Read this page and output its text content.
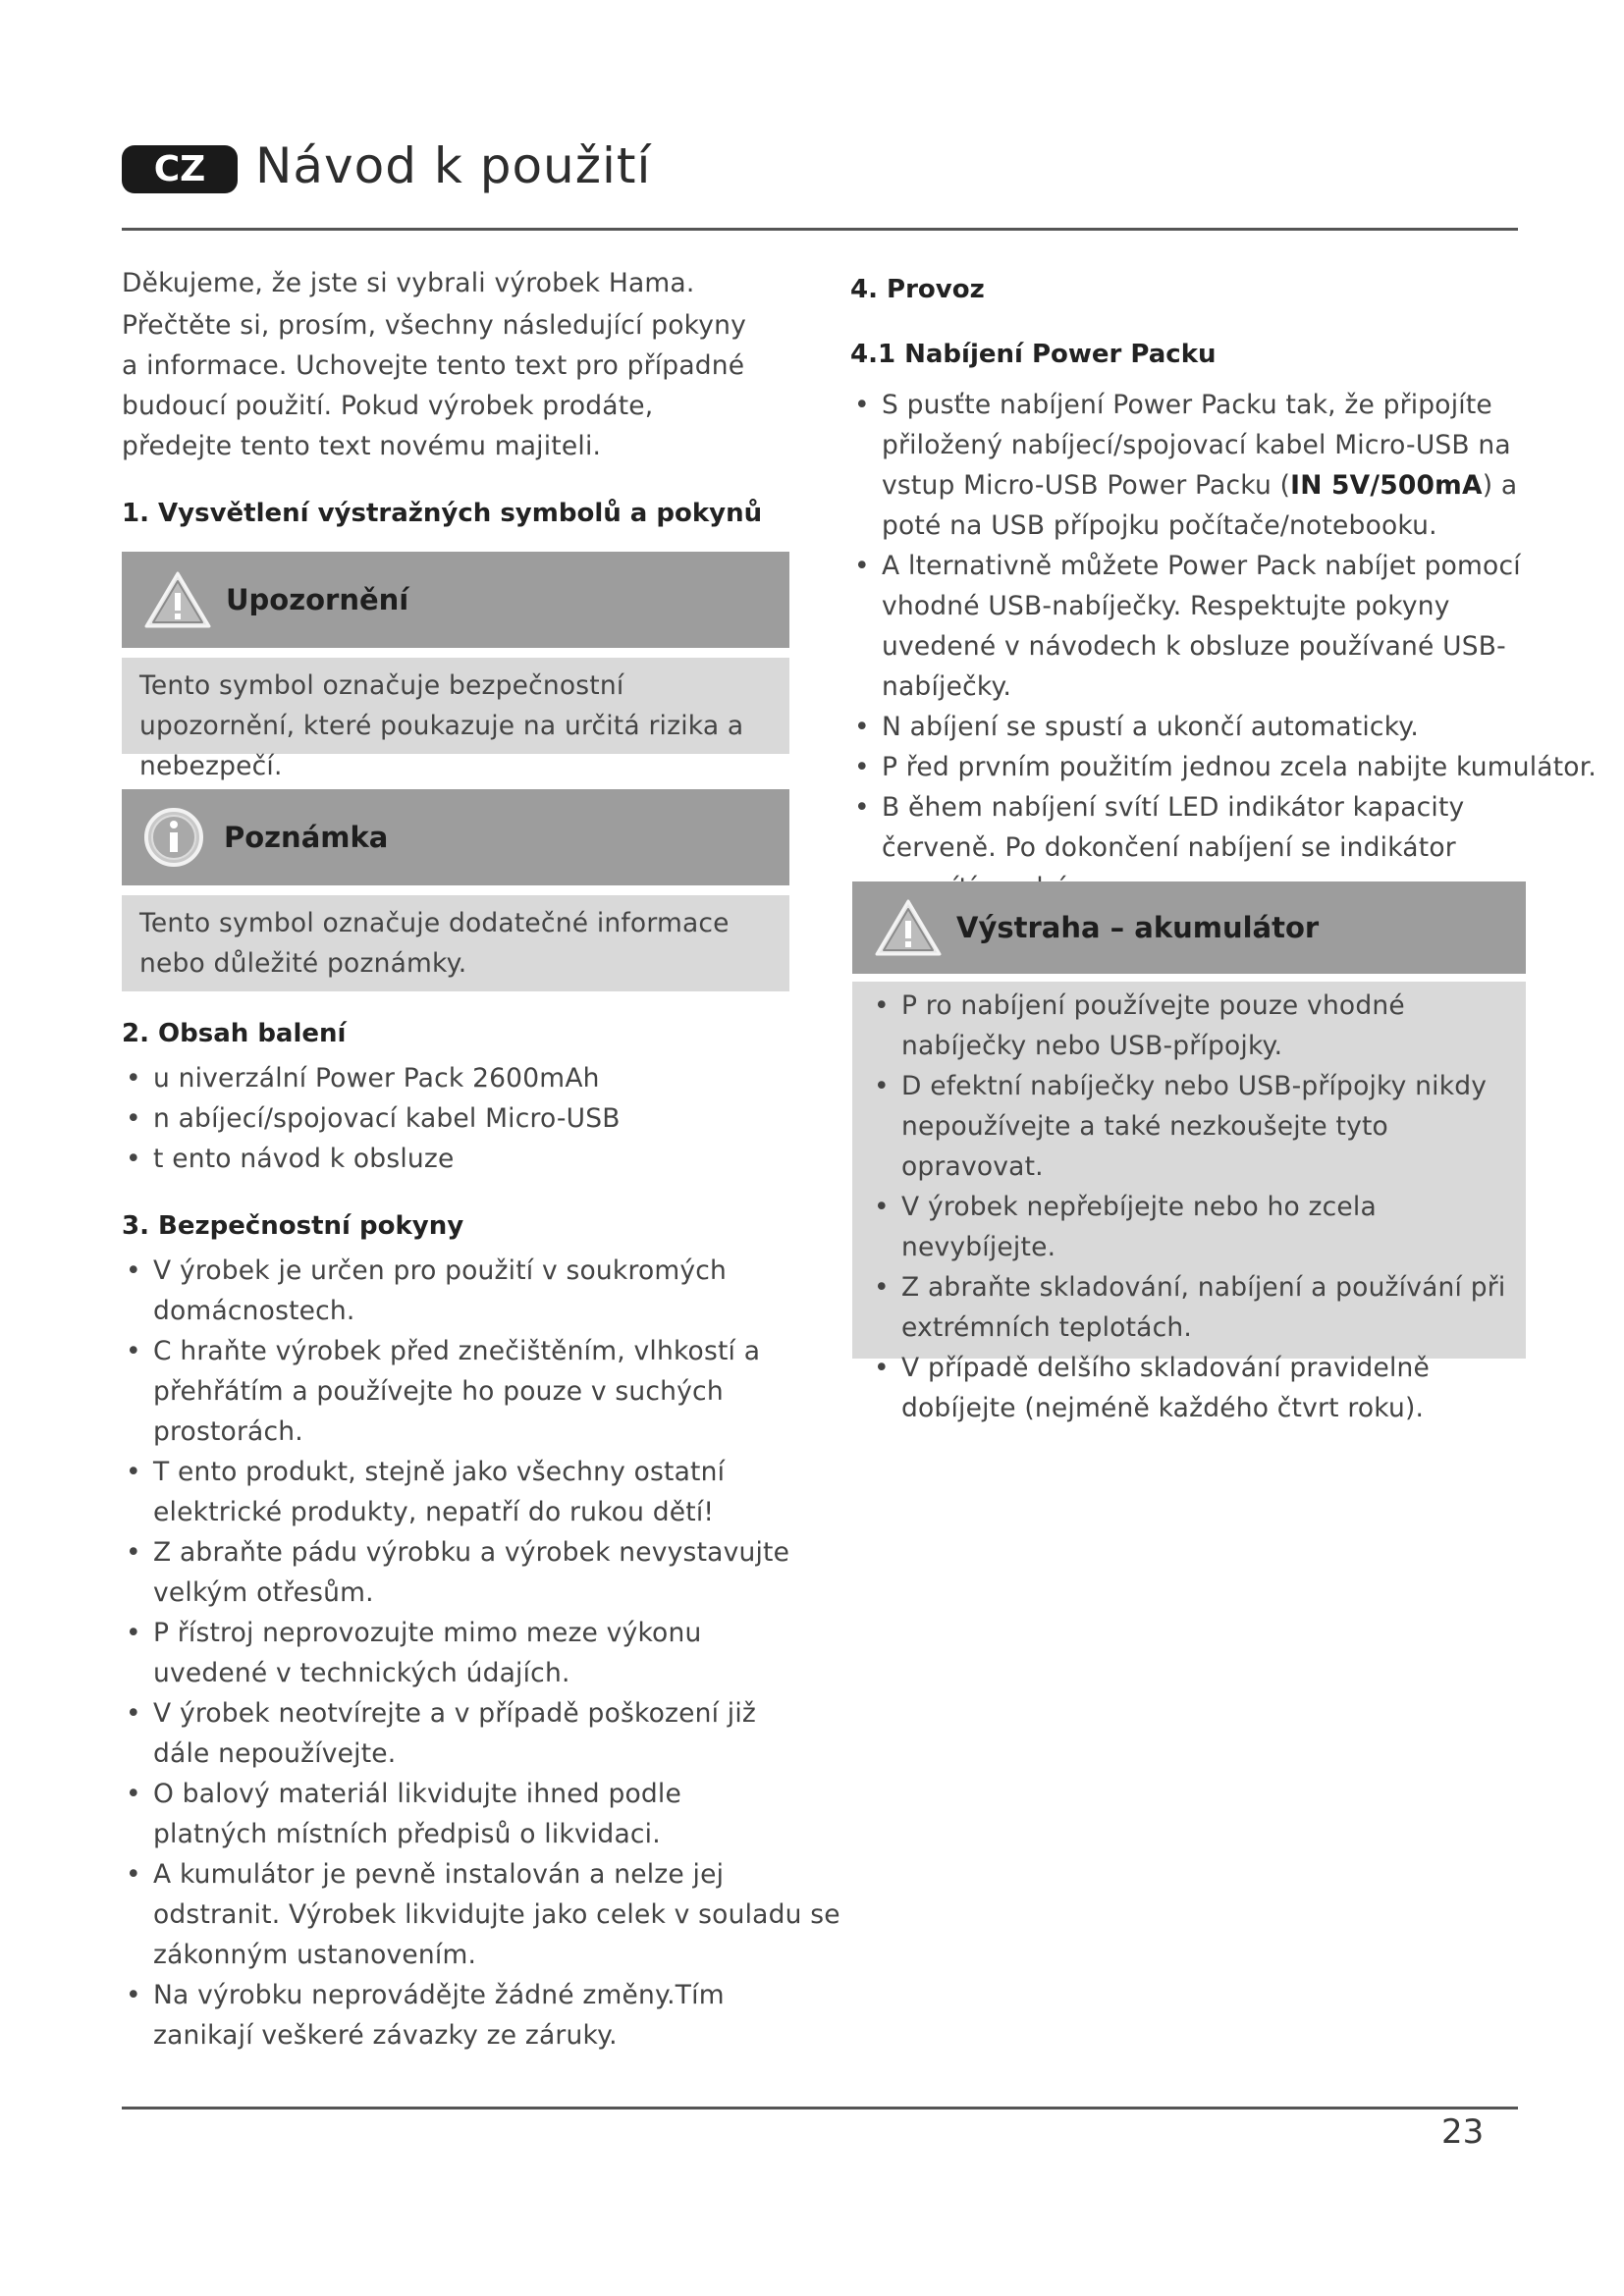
CZ	Návod k použití
Děkujeme, že jste si vybrali výrobek Hama.
Přečtěte si, prosím, všechny následující pokyny a informace. Uchovejte tento text pro případné budoucí použití. Pokud výrobek prodáte, předejte tento text novému majiteli.
1. Vysvětlení výstražných symbolů a pokynů
Upozornění
Tento symbol označuje bezpečnostní upozornění, které poukazuje na určitá rizika a nebezpečí.
Poznámka
Tento symbol označuje dodatečné informace nebo důležité poznámky.
2. Obsah balení
• u niverzální Power Pack 2600mAh
• n abíjecí/spojovací kabel Micro-USB
• t ento návod k obsluze
3. Bezpečnostní pokyny
• V ýrobek je určen pro použití v soukromých domácnostech.
• C hraňte výrobek před znečištěním, vlhkostí a přehřátím a používejte ho pouze v suchých prostorách.
• T ento produkt, stejně jako všechny ostatní elektrické produkty, nepatří do rukou dětí!
• Z abraňte pádu výrobku a výrobek nevystavujte velkým otřesům.
• P řístroj neprovozujte mimo meze výkonu uvedené v technických údajích.
• V ýrobek neotvírejte a v případě poškození již dále nepoužívejte.
• O balový materiál likvidujte ihned podle platných místních předpisů o likvidaci.
• A kumulátor je pevně instalován a nelze jej odstranit. Výrobek likvidujte jako celek v souladu se zákonným ustanovením.
• Na výrobku neprovádějte žádné změny.Tím zanikají veškeré závazky ze záruky.
4. Provoz
4.1 Nabíjení Power Packu
• S pusťte nabíjení Power Packu tak, že připojíte přiložený nabíjecí/spojovací kabel Micro-USB na vstup Micro-USB Power Packu (IN 5V/500mA) a poté na USB přípojku počítače/notebooku.
• A lternativně můžete Power Pack nabíjet pomocí vhodné USB-nabíječky. Respektujte pokyny uvedené v návodech k obsluze používané USB-nabíječky.
• N abíjení se spustí a ukončí automaticky.
• P řed prvním použitím jednou zcela nabijte kumulátor.
• B ěhem nabíjení svítí LED indikátor kapacity červeně. Po dokončení nabíjení se indikátor
Výstraha – akumulátor
• P ro nabíjení používejte pouze vhodné nabíječky nebo USB-přípojky.
• D efektní nabíječky nebo USB-přípojky nikdy nepoužívejte a také nezkoušejte tyto opravovat.
• V ýrobek nepřebíjejte nebo ho zcela nevybíjejte.
• Z abraňte skladování, nabíjení a používání při extrémních teplotách.
• V případě delšího skladování pravidelně dobíjejte (nejméně každého čtvrt roku).
23
